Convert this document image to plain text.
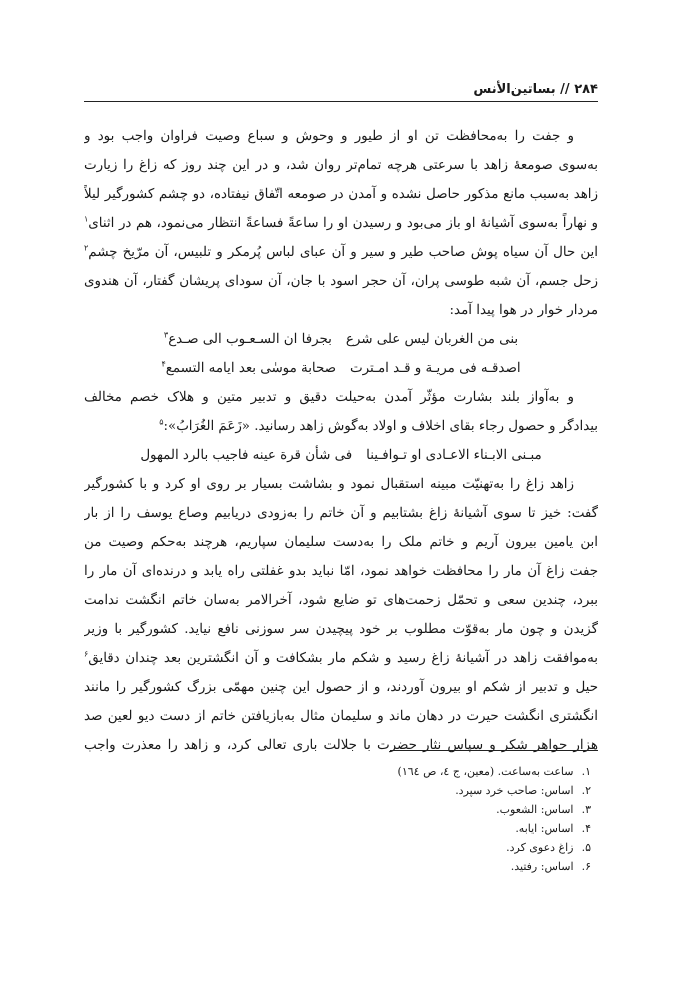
۲۸۴ // بساتین‌الأنس
و جفت را به‌محافظت تن او از طیور و وحوش و سباع وصیت فراوان واجب بود و
به‌سوی صومعهٔ زاهد با سرعتی هرچه تمام‌تر روان شد، و در این چند روز که زاغ را زیارت
زاهد به‌سبب مانع مذکور حاصل نشده و آمدن در صومعه اتّفاق نیفتاده، دو چشم کشورگیر لیلاً
و نهاراً به‌سوی آشیانهٔ او باز می‌بود و رسیدن او را ساعةً فساعةً انتظار می‌نمود، هم در اثنای$^۱$
این حال آن سیاه پوش صاحب طیر و سیر و آن عبای لباس پُرمکر و تلبیس، آن مرّیخ چشم$^۲$
زحل جسم، آن شبه طوسی پران، آن حجر اسود با جان، آن سودای پریشان گفتار، آن هندوی
مردار خوار در هوا پیدا آمد:
بنی من الغربان لیس علی شرع
بجرفا ان السـعـوب الی صـدع$^۳$
اصدقـه فی مریـة و قـد امـترت
صحابة موسٰی بعد ایامه التسمع$^۴$
و به‌آواز بلند بشارت مؤثّر آمدن به‌حیلت دقیق و تدبیر متین و هلاک خصم مخالف
بیدادگر و حصول رجاء بقای اخلاف و اولاد به‌گوش زاهد رسانید. «زَعَمَ الغُرَابُ»:$^۵$
مبـنی الابـناء الاعـادی او تـوافـینا
فی شأن قرة عینه فاجیب بالرد المهول
زاهد زاغ را به‌تهنیّت مبینه استقبال نمود و بشاشت بسیار بر روی او کرد و با کشورگیر
گفت: خیز تا سوی آشیانهٔ زاغ بشتابیم و آن خاتم را به‌زودی دریابیم وصاع یوسف را از بار
ابن یامین بیرون آریم و خاتم ملک را به‌دست سلیمان سپاریم، هرچند به‌حکم وصیت من
جفت زاغ آن مار را محافظت خواهد نمود، امّا نباید بدو غفلتی راه یابد و درنده‌ای آن مار را
ببرد، چندین سعی و تحمّل زحمت‌های تو ضایع شود، آخرالامر به‌سان خاتم انگشت ندامت
گزیدن و چون مار به‌قوّت مطلوب بر خود پیچیدن سر سوزنی نافع نیاید. کشورگیر با وزیر
به‌موافقت زاهد در آشیانهٔ زاغ رسید و شکم مار بشکافت و آن انگشترین بعد چندان دقایق$^۶$
حیل و تدبیر از شکم او بیرون آوردند، و از حصول این چنین مهمّی بزرگ کشورگیر را مانند
انگشتری انگشت حیرت در دهان ماند و سلیمان مثال به‌بازیافتن خاتم از دست دیو لعین صد
هزار جواهر شکر و سپاس نثار حضرت با جلالت باری تعالی کرد، و زاهد را معذرت واجب
۱. ساعت به‌ساعت. (معین، ج ٤، ص ١٦٤)
۲. اساس: صاحب خرد سپرد.
۳. اساس: الشعوب.
۴. اساس: ایابه.
۵. زاغ دعوی کرد.
۶. اساس: رفتید.
